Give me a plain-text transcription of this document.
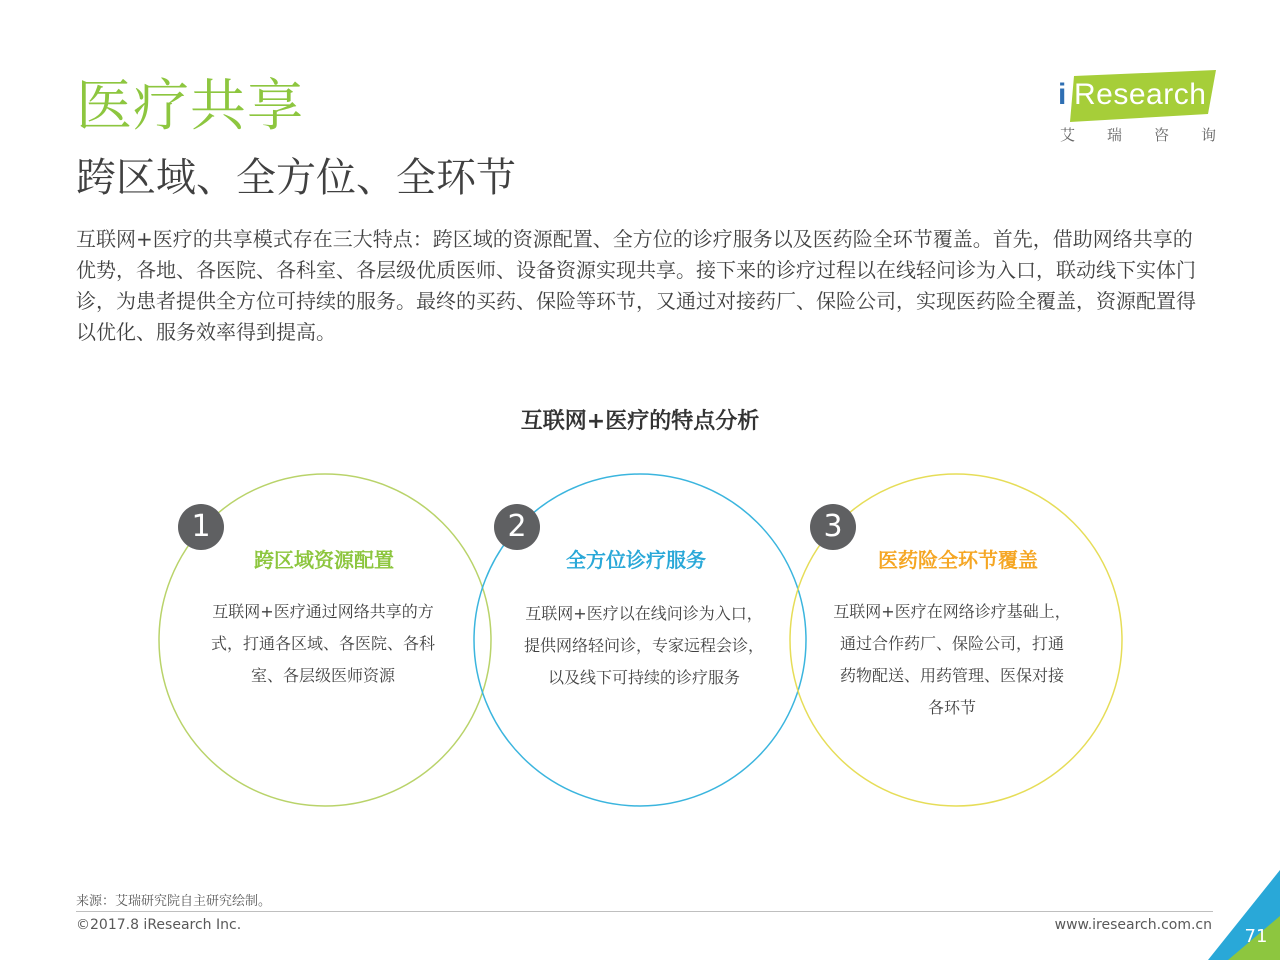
医疗共享
跨区域、全方位、全环节

互联网+医疗的共享模式存在三大特点：跨区域的资源配置、全方位的诊疗服务以及医药险全环节覆盖。首先，借助网络共享的优势，各地、各医院、各科室、各层级优质医师、设备资源实现共享。接下来的诊疗过程以在线轻问诊为入口，联动线下实体门诊，为患者提供全方位可持续的服务。最终的买药、保险等环节，又通过对接药厂、保险公司，实现医药险全覆盖，资源配置得以优化、服务效率得到提高。

i Research
艾 瑞 咨 询
互联网+医疗的特点分析
1
跨区域资源配置
互联网+医疗通过网络共享的方
式，打通各区域、各医院、各科
室、各层级医师资源
2
全方位诊疗服务
互联网+医疗以在线问诊为入口，
提供网络轻问诊，专家远程会诊，
以及线下可持续的诊疗服务
3
医药险全环节覆盖
互联网+医疗在网络诊疗基础上，
通过合作药厂、保险公司，打通
药物配送、用药管理、医保对接
各环节
来源：艾瑞研究院自主研究绘制。
©2017.8 iResearch Inc.	www.iresearch.com.cn
71
